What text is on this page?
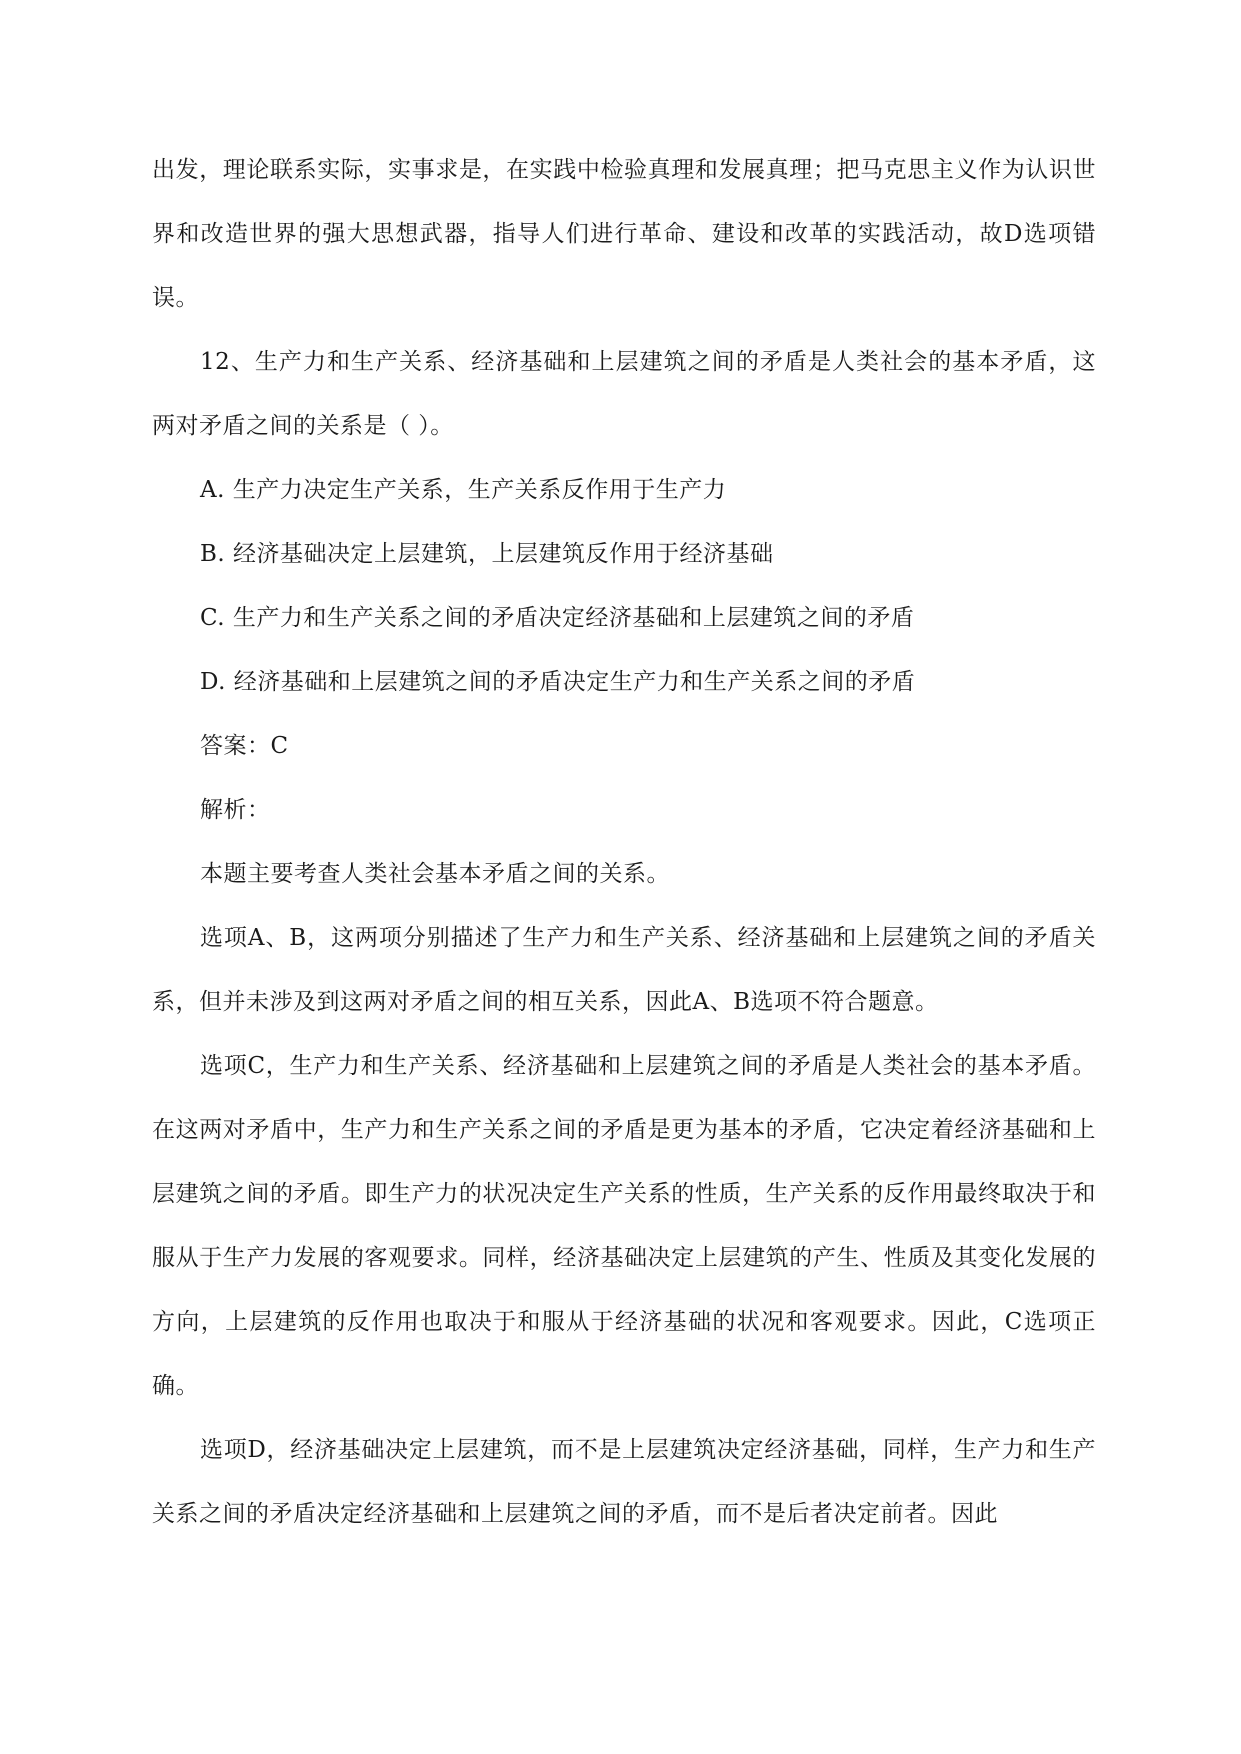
出发，理论联系实际，实事求是，在实践中检验真理和发展真理；把马克思主义作为认识世界和改造世界的强大思想武器，指导人们进行革命、建设和改革的实践活动，故D选项错误。

12、生产力和生产关系、经济基础和上层建筑之间的矛盾是人类社会的基本矛盾，这两对矛盾之间的关系是（ ）。

A. 生产力决定生产关系，生产关系反作用于生产力

B. 经济基础决定上层建筑，上层建筑反作用于经济基础

C. 生产力和生产关系之间的矛盾决定经济基础和上层建筑之间的矛盾

D. 经济基础和上层建筑之间的矛盾决定生产力和生产关系之间的矛盾

答案：C

解析：

本题主要考查人类社会基本矛盾之间的关系。

选项A、B，这两项分别描述了生产力和生产关系、经济基础和上层建筑之间的矛盾关系，但并未涉及到这两对矛盾之间的相互关系，因此A、B选项不符合题意。

选项C，生产力和生产关系、经济基础和上层建筑之间的矛盾是人类社会的基本矛盾。在这两对矛盾中，生产力和生产关系之间的矛盾是更为基本的矛盾，它决定着经济基础和上层建筑之间的矛盾。即生产力的状况决定生产关系的性质，生产关系的反作用最终取决于和服从于生产力发展的客观要求。同样，经济基础决定上层建筑的产生、性质及其变化发展的方向，上层建筑的反作用也取决于和服从于经济基础的状况和客观要求。因此，C选项正确。

选项D，经济基础决定上层建筑，而不是上层建筑决定经济基础，同样，生产力和生产关系之间的矛盾决定经济基础和上层建筑之间的矛盾，而不是后者决定前者。因此
